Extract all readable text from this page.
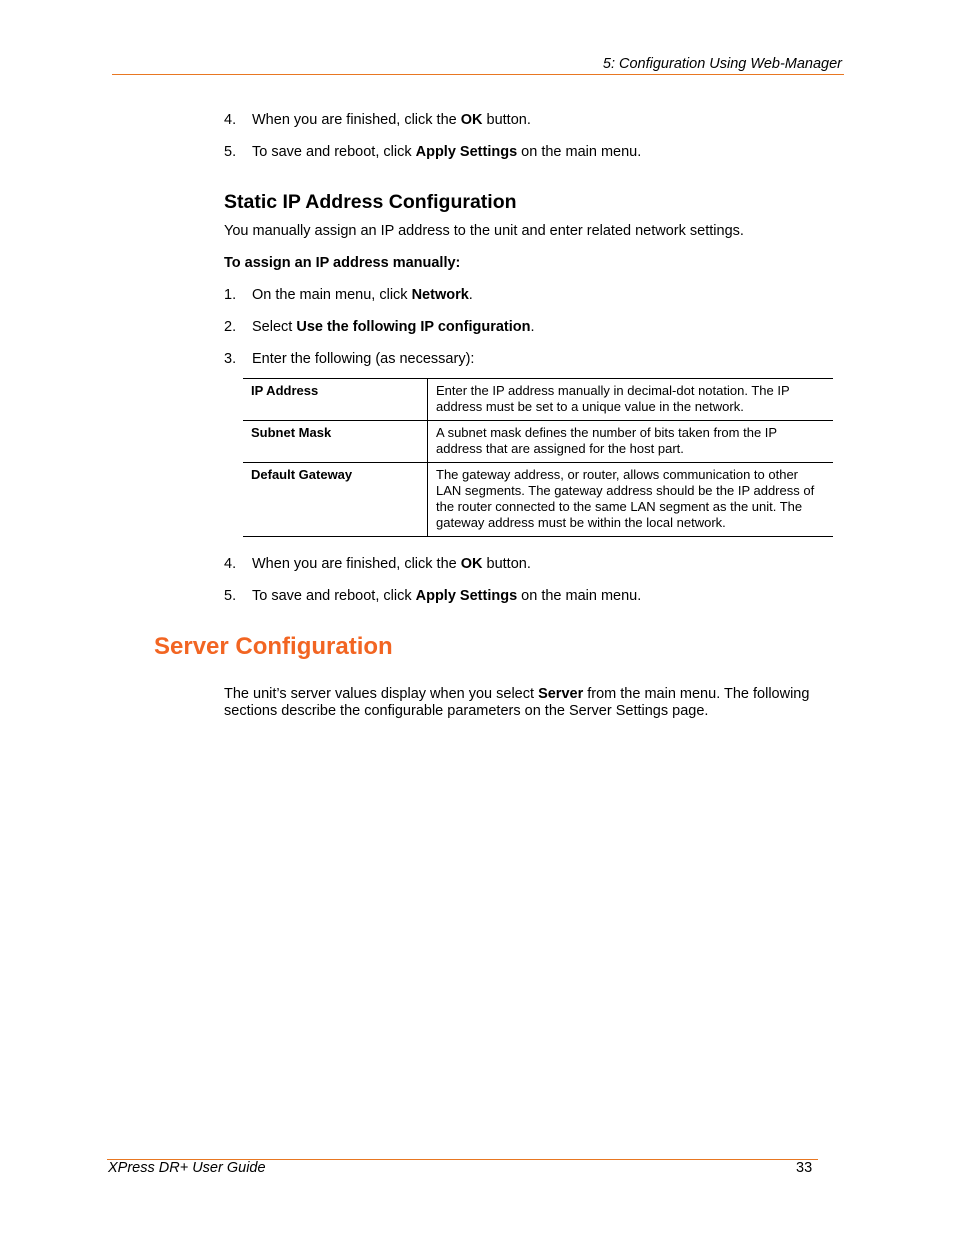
5: Configuration Using Web-Manager
4. When you are finished, click the OK button.
5. To save and reboot, click Apply Settings on the main menu.
Static IP Address Configuration
You manually assign an IP address to the unit and enter related network settings.
To assign an IP address manually:
1. On the main menu, click Network.
2. Select Use the following IP configuration.
3. Enter the following (as necessary):
IP Address	Enter the IP address manually in decimal-dot notation. The IP address must be set to a unique value in the network.
Subnet Mask	A subnet mask defines the number of bits taken from the IP address that are assigned for the host part.
Default Gateway	The gateway address, or router, allows communication to other LAN segments. The gateway address should be the IP address of the router connected to the same LAN segment as the unit. The gateway address must be within the local network.
4. When you are finished, click the OK button.
5. To save and reboot, click Apply Settings on the main menu.
Server Configuration
The unit’s server values display when you select Server from the main menu. The following sections describe the configurable parameters on the Server Settings page.
XPress DR+ User Guide	33
